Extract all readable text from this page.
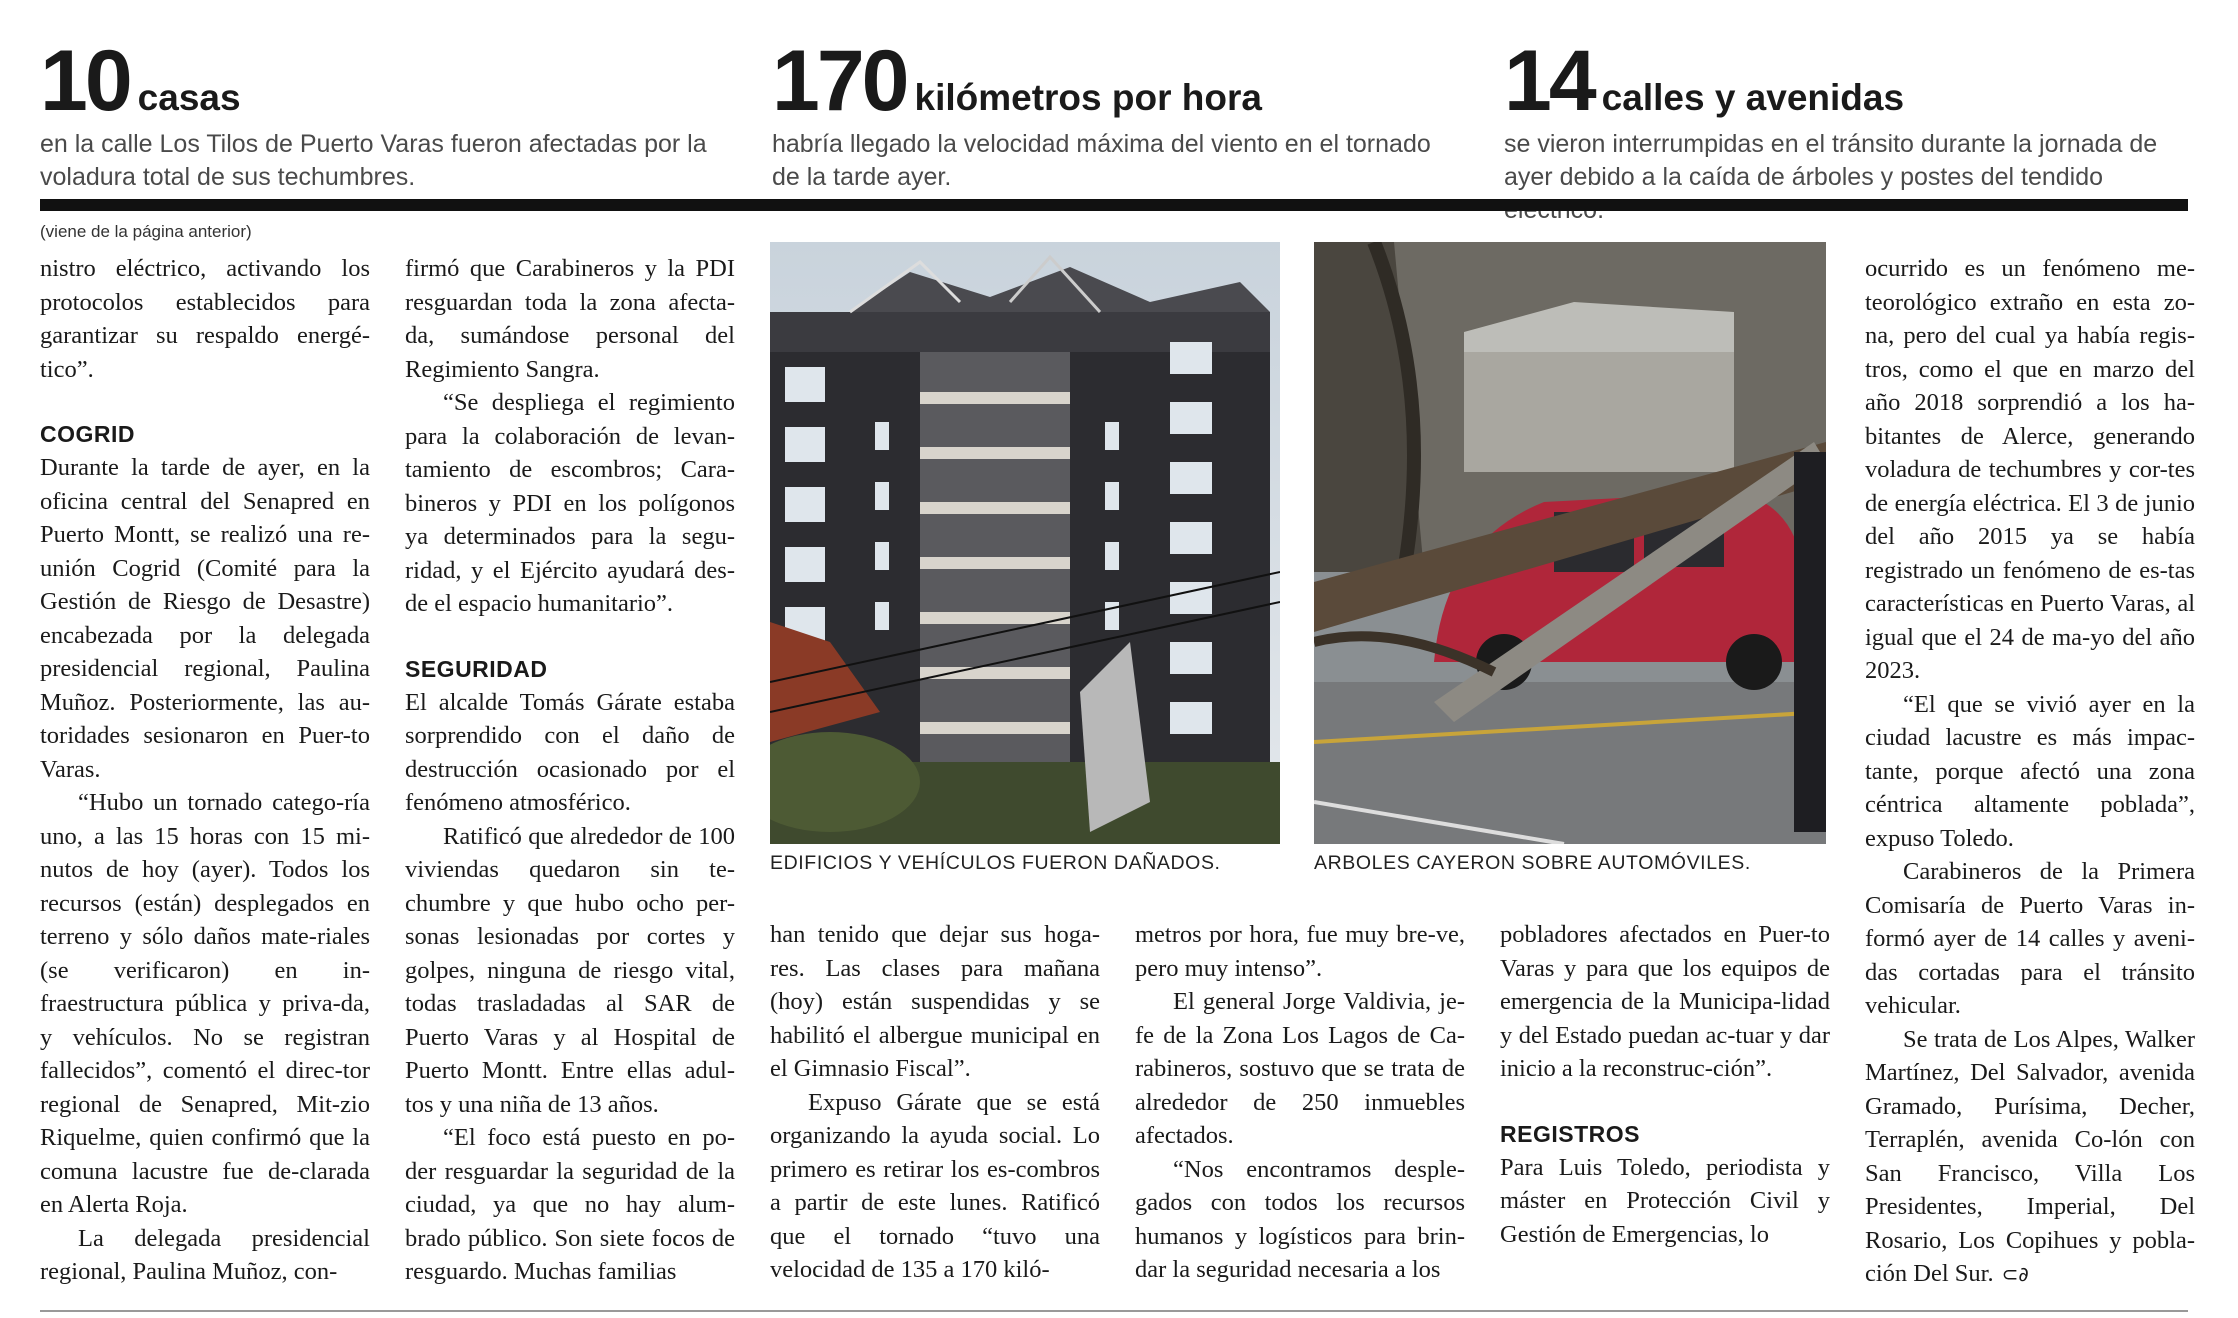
10 casas
en la calle Los Tilos de Puerto Varas fueron afectadas por la
voladura total de sus techumbres.
170 kilómetros por hora
habría llegado la velocidad máxima del viento en el tornado
de la tarde ayer.
14 calles y avenidas
se vieron interrumpidas en el tránsito durante la jornada de
ayer debido a la caída de árboles y postes del tendido
(viene de la página anterior)

nistro eléctrico, activando los protocolos establecidos para garantizar su respaldo energé-tico”.

COGRID

Durante la tarde de ayer, en la oficina central del Senapred en Puerto Montt, se realizó una re-unión Cogrid (Comité para la Gestión de Riesgo de Desastre) encabezada por la delegada presidencial regional, Paulina Muñoz. Posteriormente, las au-toridades sesionaron en Puer-to Varas.

“Hubo un tornado catego-ría uno, a las 15 horas con 15 mi-nutos de hoy (ayer). Todos los recursos (están) desplegados en terreno y sólo daños mate-riales (se verificaron) en in-fraestructura pública y priva-da, y vehículos. No se registran fallecidos”, comentó el direc-tor regional de Senapred, Mit-zio Riquelme, quien confirmó que la comuna lacustre fue de-clarada en Alerta Roja.

La delegada presidencial regional, Paulina Muñoz, con-

firmó que Carabineros y la PDI resguardan toda la zona afecta-da, sumándose personal del Regimiento Sangra.

“Se despliega el regimiento para la colaboración de levan-tamiento de escombros; Cara-bineros y PDI en los polígonos ya determinados para la segu-ridad, y el Ejército ayudará des-de el espacio humanitario”.

SEGURIDAD

El alcalde Tomás Gárate estaba sorprendido con el daño de destrucción ocasionado por el fenómeno atmosférico.

Ratificó que alrededor de 100 viviendas quedaron sin te-chumbre y que hubo ocho per-sonas lesionadas por cortes y golpes, ninguna de riesgo vital, todas trasladadas al SAR de Puerto Varas y al Hospital de Puerto Montt. Entre ellas adul-tos y una niña de 13 años.

“El foco está puesto en po-der resguardar la seguridad de la ciudad, ya que no hay alum-brado público. Son siete focos de resguardo. Muchas familias

EDIFICIOS Y VEHÍCULOS FUERON DAÑADOS.	ARBOLES CAYERON SOBRE AUTOMÓVILES.

han tenido que dejar sus hoga-res. Las clases para mañana (hoy) están suspendidas y se habilitó el albergue municipal en el Gimnasio Fiscal”.

Expuso Gárate que se está organizando la ayuda social. Lo primero es retirar los es-combros a partir de este lunes. Ratificó que el tornado “tuvo una velocidad de 135 a 170 kiló-

metros por hora, fue muy bre-ve, pero muy intenso”.

El general Jorge Valdivia, je-fe de la Zona Los Lagos de Ca-rabineros, sostuvo que se trata de alrededor de 250 inmuebles afectados.

“Nos encontramos desple-gados con todos los recursos humanos y logísticos para brin-dar la seguridad necesaria a los

pobladores afectados en Puer-to Varas y para que los equipos de emergencia de la Municipa-lidad y del Estado puedan ac-tuar y dar inicio a la reconstruc-ción”.

REGISTROS

Para Luis Toledo, periodista y máster en Protección Civil y Gestión de Emergencias, lo

ocurrido es un fenómeno me-teorológico extraño en esta zo-na, pero del cual ya había regis-tros, como el que en marzo del año 2018 sorprendió a los ha-bitantes de Alerce, generando voladura de techumbres y cor-tes de energía eléctrica. El 3 de junio del año 2015 ya se había registrado un fenómeno de es-tas características en Puerto Varas, al igual que el 24 de ma-yo del año 2023.

“El que se vivió ayer en la ciudad lacustre es más impac-tante, porque afectó una zona céntrica altamente poblada”, expuso Toledo.

Carabineros de la Primera Comisaría de Puerto Varas in-formó ayer de 14 calles y aveni-das cortadas para el tránsito vehicular.

Se trata de Los Alpes, Walker Martínez, Del Salvador, avenida Gramado, Purísima, Decher, Terraplén, avenida Co-lón con San Francisco, Villa Los Presidentes, Imperial, Del Rosario, Los Copihues y pobla-ción Del Sur. ⊂∂
